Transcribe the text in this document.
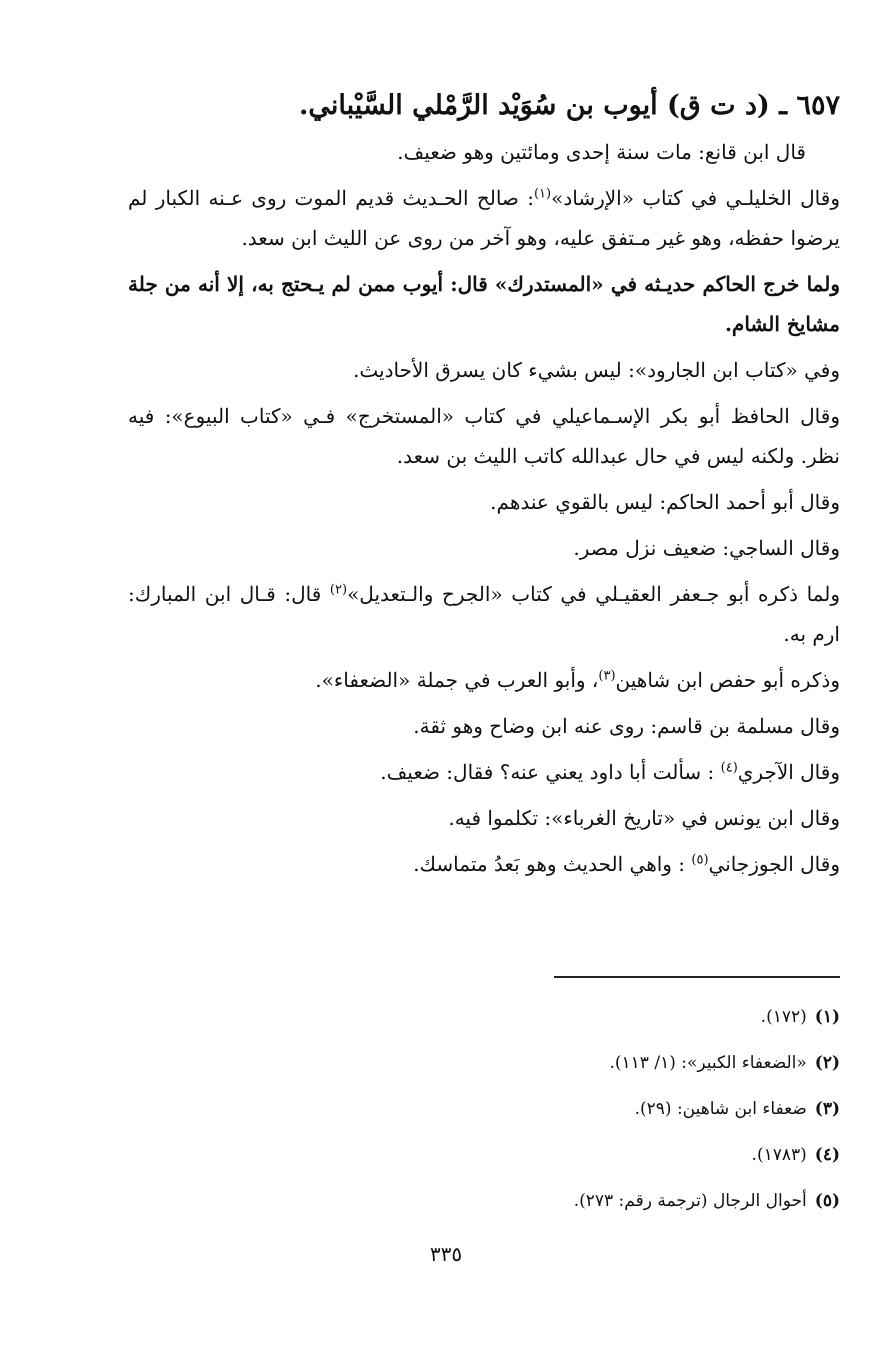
٦٥٧ ـ (د ت ق) أيوب بن سُوَيْد الرَّمْلي السَّيْباني.

قال ابن قانع: مات سنة إحدى ومائتين وهو ضعيف.

وقال الخليلـي في كتاب «الإرشاد»$^{(١)}$: صالح الحـديث قديم الموت روى عـنه الكبار لم يرضوا حفظه، وهو غير مـتفق عليه، وهو آخر من روى عن الليث ابن سعد.

ولما خرج الحاكم حديـثه في «المستدرك» قال: أيوب ممن لم يـحتج به، إلا أنه من جلة مشايخ الشام.

وفي «كتاب ابن الجارود»: ليس بشيء كان يسرق الأحاديث.

وقال الحافظ أبو بكر الإسـماعيلي في كتاب «المستخرج» فـي «كتاب البيوع»: فيه نظر. ولكنه ليس في حال عبدالله كاتب الليث بن سعد.

وقال أبو أحمد الحاكم: ليس بالقوي عندهم.

وقال الساجي: ضعيف نزل مصر.

ولما ذكره أبو جـعفر العقيـلي في كتاب «الجرح والـتعديل»$^{(٢)}$ قال: قـال ابن المبارك: ارم به.

وذكره أبو حفص ابن شاهين$^{(٣)}$، وأبو العرب في جملة «الضعفاء».

وقال مسلمة بن قاسم: روى عنه ابن وضاح وهو ثقة.

وقال الآجري$^{(٤)}$ : سألت أبا داود يعني عنه؟ فقال: ضعيف.

وقال ابن يونس في «تاريخ الغرباء»: تكلموا فيه.

وقال الجوزجاني$^{(٥)}$ : واهي الحديث وهو بَعدُ متماسك.

(١)(١٧٢).
(٢)«الضعفاء الكبير»: (١/ ١١٣).
(٣)ضعفاء ابن شاهين: (٢٩).
(٤)(١٧٨٣).
(٥)أحوال الرجال (ترجمة رقم: ٢٧٣).
٣٣٥
